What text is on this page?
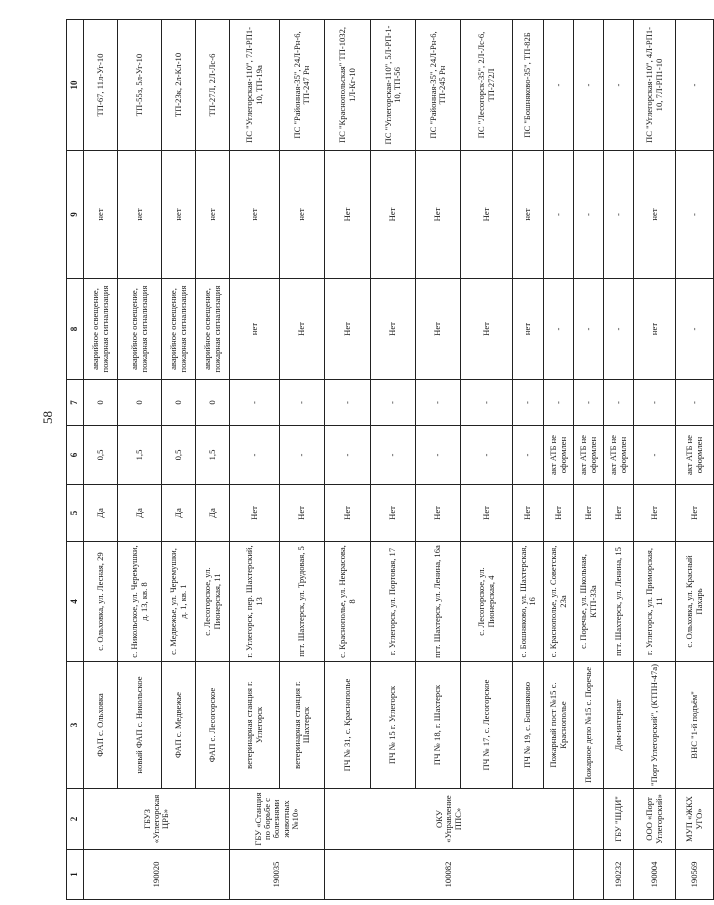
58
1	2	3	4	5	6	7	8	9	10
190020	ГБУЗ «Углегорская ЦРБ»	ФАП с. Ольховка	с. Ольховка, ул. Лесная, 29	Да	0,5	0	аварийное освещение, пожарная сигнализация	нет	ТП-67, 11л-Уг-10
		новый ФАП с. Никольское	с. Никольское, ул. Черемушки, д. 13, кв. 8	Да	1,5	0	аварийное освещение, пожарная сигнализация	нет	ТП-55з, 5л-Уг-10
		ФАП с. Медвежье	с. Медвежье, ул. Черемушки, д. 1, кв. 1	Да	0,5	0	аварийное освещение, пожарная сигнализация	нет	ТП-23к, 2л-Кл-10
		ФАП с. Лесогорское	с. Лесогорское, ул. Пионерская, 11	Да	1,5	0	аварийное освещение, пожарная сигнализация	нет	ТП-27Л, 2Л-Лс-6
190035	ГБУ «Станция по борьбе с болезнями животных №10»	ветеринарная станция г. Углегорск	г. Углегорск, пер. Шахтерский, 13	Нет	-	-	нет	нет	ПС "Углегорская-110", 7Л-РП1-10, ТП-19а
		ветеринарная станция г. Шахтерск	пгт. Шахтерск, ул. Трудовая, 5	Нет	-	-	Нет	нет	ПС "Районная-35", 24Л-Рн-6, ТП-247 Рн
100082	ОКУ «Управление ППС»	ПЧ № 31, с. Краснополье	с. Краснополье, ул. Некрасова, 8	Нет	-	-	Нет	Нет	ПС "Краснопольская" ТП-1032, 1Л-Кг-10
		ПЧ № 15 г. Углегорск	г. Углегорск, ул. Портовая, 17	Нет	-	-	Нет	Нет	ПС "Углегорская-110", 5Л-РП-1-10, ТП-56
		ПЧ № 18, г. Шахтерск	пгт. Шахтерск, ул. Ленина, 16а	Нет	-	-	Нет	Нет	ПС "Районная-35", 24Л-Рн-6, ТП-245 Рн
		ПЧ № 17, с. Лесогорское	с. Лесогорское, ул. Пионерская, 4	Нет	-	-	Нет	Нет	ПС "Лесогорск-35", 2Л-Лс-6, ТП-272Л
		ПЧ № 19, с. Бошняково	с. Бошняково, ул. Шахтерская, 16	Нет	-	-	нет	нет	ПС "Бошняково-35", ТП-82Б
		Пожарный пост №15 с. Краснополье	с. Краснополье, ул. Советская, 23а	Нет	акт АТБ не оформлен	-	-	-	-
		Пожарное депо №15 с. Поречье	с. Поречье, ул. Школьная, КТП-33а	Нет	акт АТБ не оформлен	-	-	-	-
190232	ГБУ "ШДИ"	Дом-интернат	пгт. Шахтерск, ул. Ленина, 15	Нет	акт АТБ не оформлен	-	-	-	-
190004	ООО «Порт Углегорский»	"Порт Углегорский", (КТПН-47а)	г. Углегорск, ул. Приморская, 11	Нет	-	-	нет	нет	ПС "Углегорская-110", 4Л-РП1-10, 7Л-РП1-10
190569	МУП «ЖКХ УГО»	ВНС "1-й подъём"	с. Ольховка, ул. Красный Пахарь	Нет	акт АТБ не оформлен	-	-	-	-
